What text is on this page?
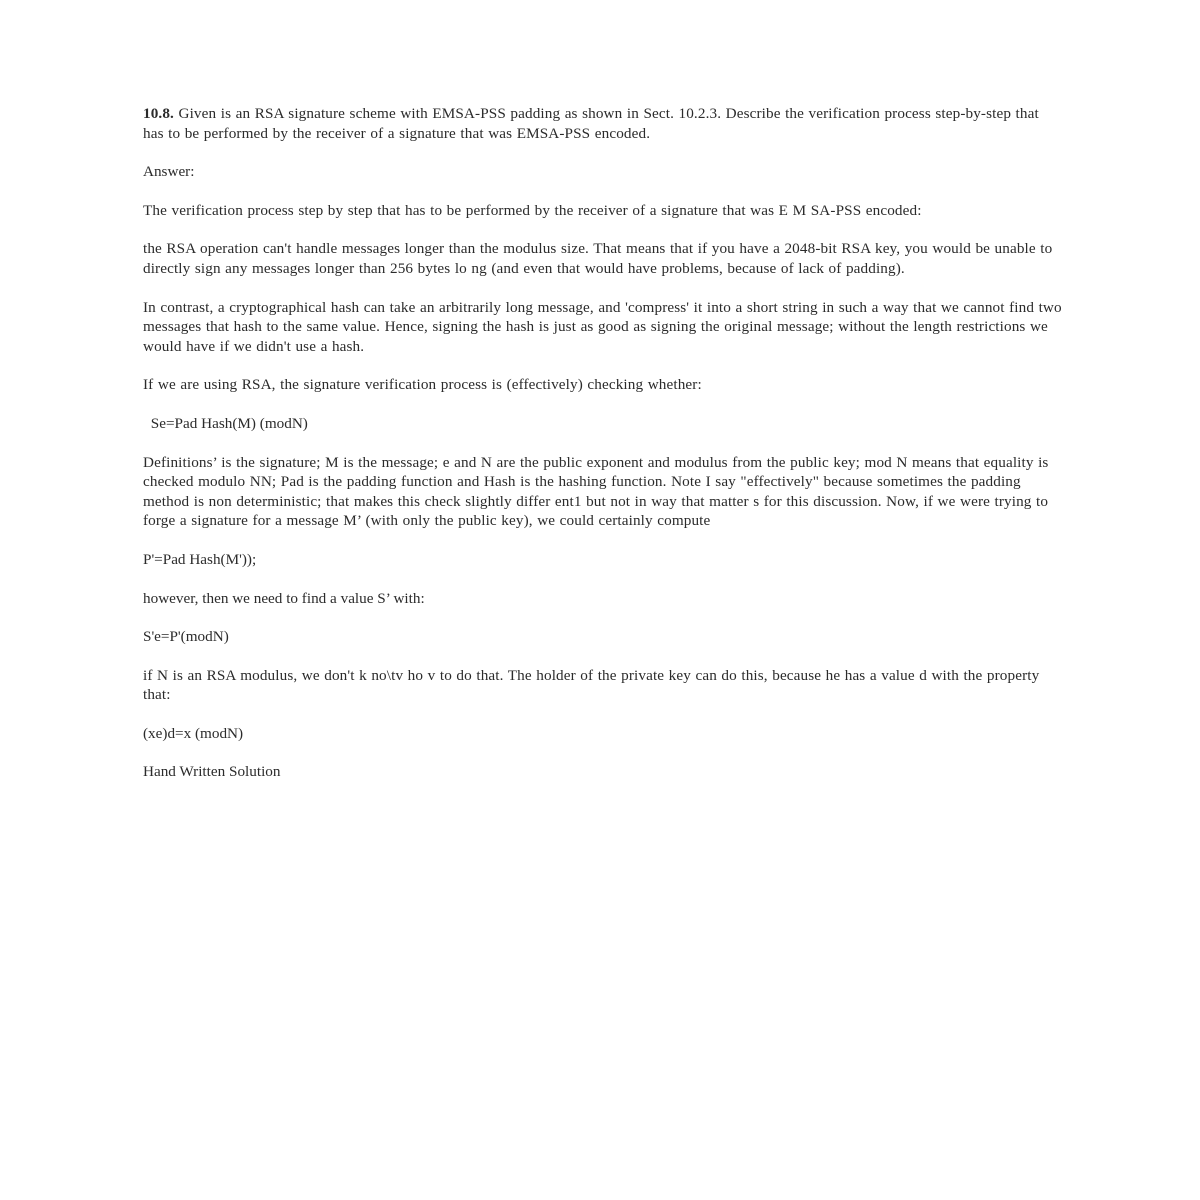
10.8. Given is an RSA signature scheme with EMSA-PSS padding as shown in Sect. 10.2.3. Describe the verification process step-by-step that has to be performed by the receiver of a signature that was EMSA-PSS encoded.

Answer:

The verification process step by step that has to be performed by the receiver of a signature that was E M SA-PSS encoded:

the RSA operation can't handle messages longer than the modulus size. That means that if you have a 2048-bit RSA key, you would be unable to directly sign any messages longer than 256 bytes lo ng (and even that would have problems, because of lack of padding).

In contrast, a cryptographical hash can take an arbitrarily long message, and 'compress' it into a short string in such a way that we cannot find two messages that hash to the same value. Hence, signing the hash is just as good as signing the original message; without the length restrictions we would have if we didn't use a hash.

If we are using RSA, the signature verification process is (effectively) checking whether:

Se=Pad Hash(M) (modN)

Definitions’ is the signature; M is the message; e and N are the public exponent and modulus from the public key; mod N means that equality is checked modulo NN; Pad is the padding function and Hash is the hashing function. Note I say "effectively" because sometimes the padding method is non deterministic; that makes this check slightly differ ent1 but not in way that matter s for this discussion. Now, if we were trying to forge a signature for a message M’ (with only the public key), we could certainly compute

P'=Pad Hash(M'));

however, then we need to find a value S’ with:

S'e=P'(modN)

if N is an RSA modulus, we don't k no\tv ho v to do that. The holder of the private key can do this, because he has a value d with the property that:

(xe)d=x (modN)

Hand Written Solution
